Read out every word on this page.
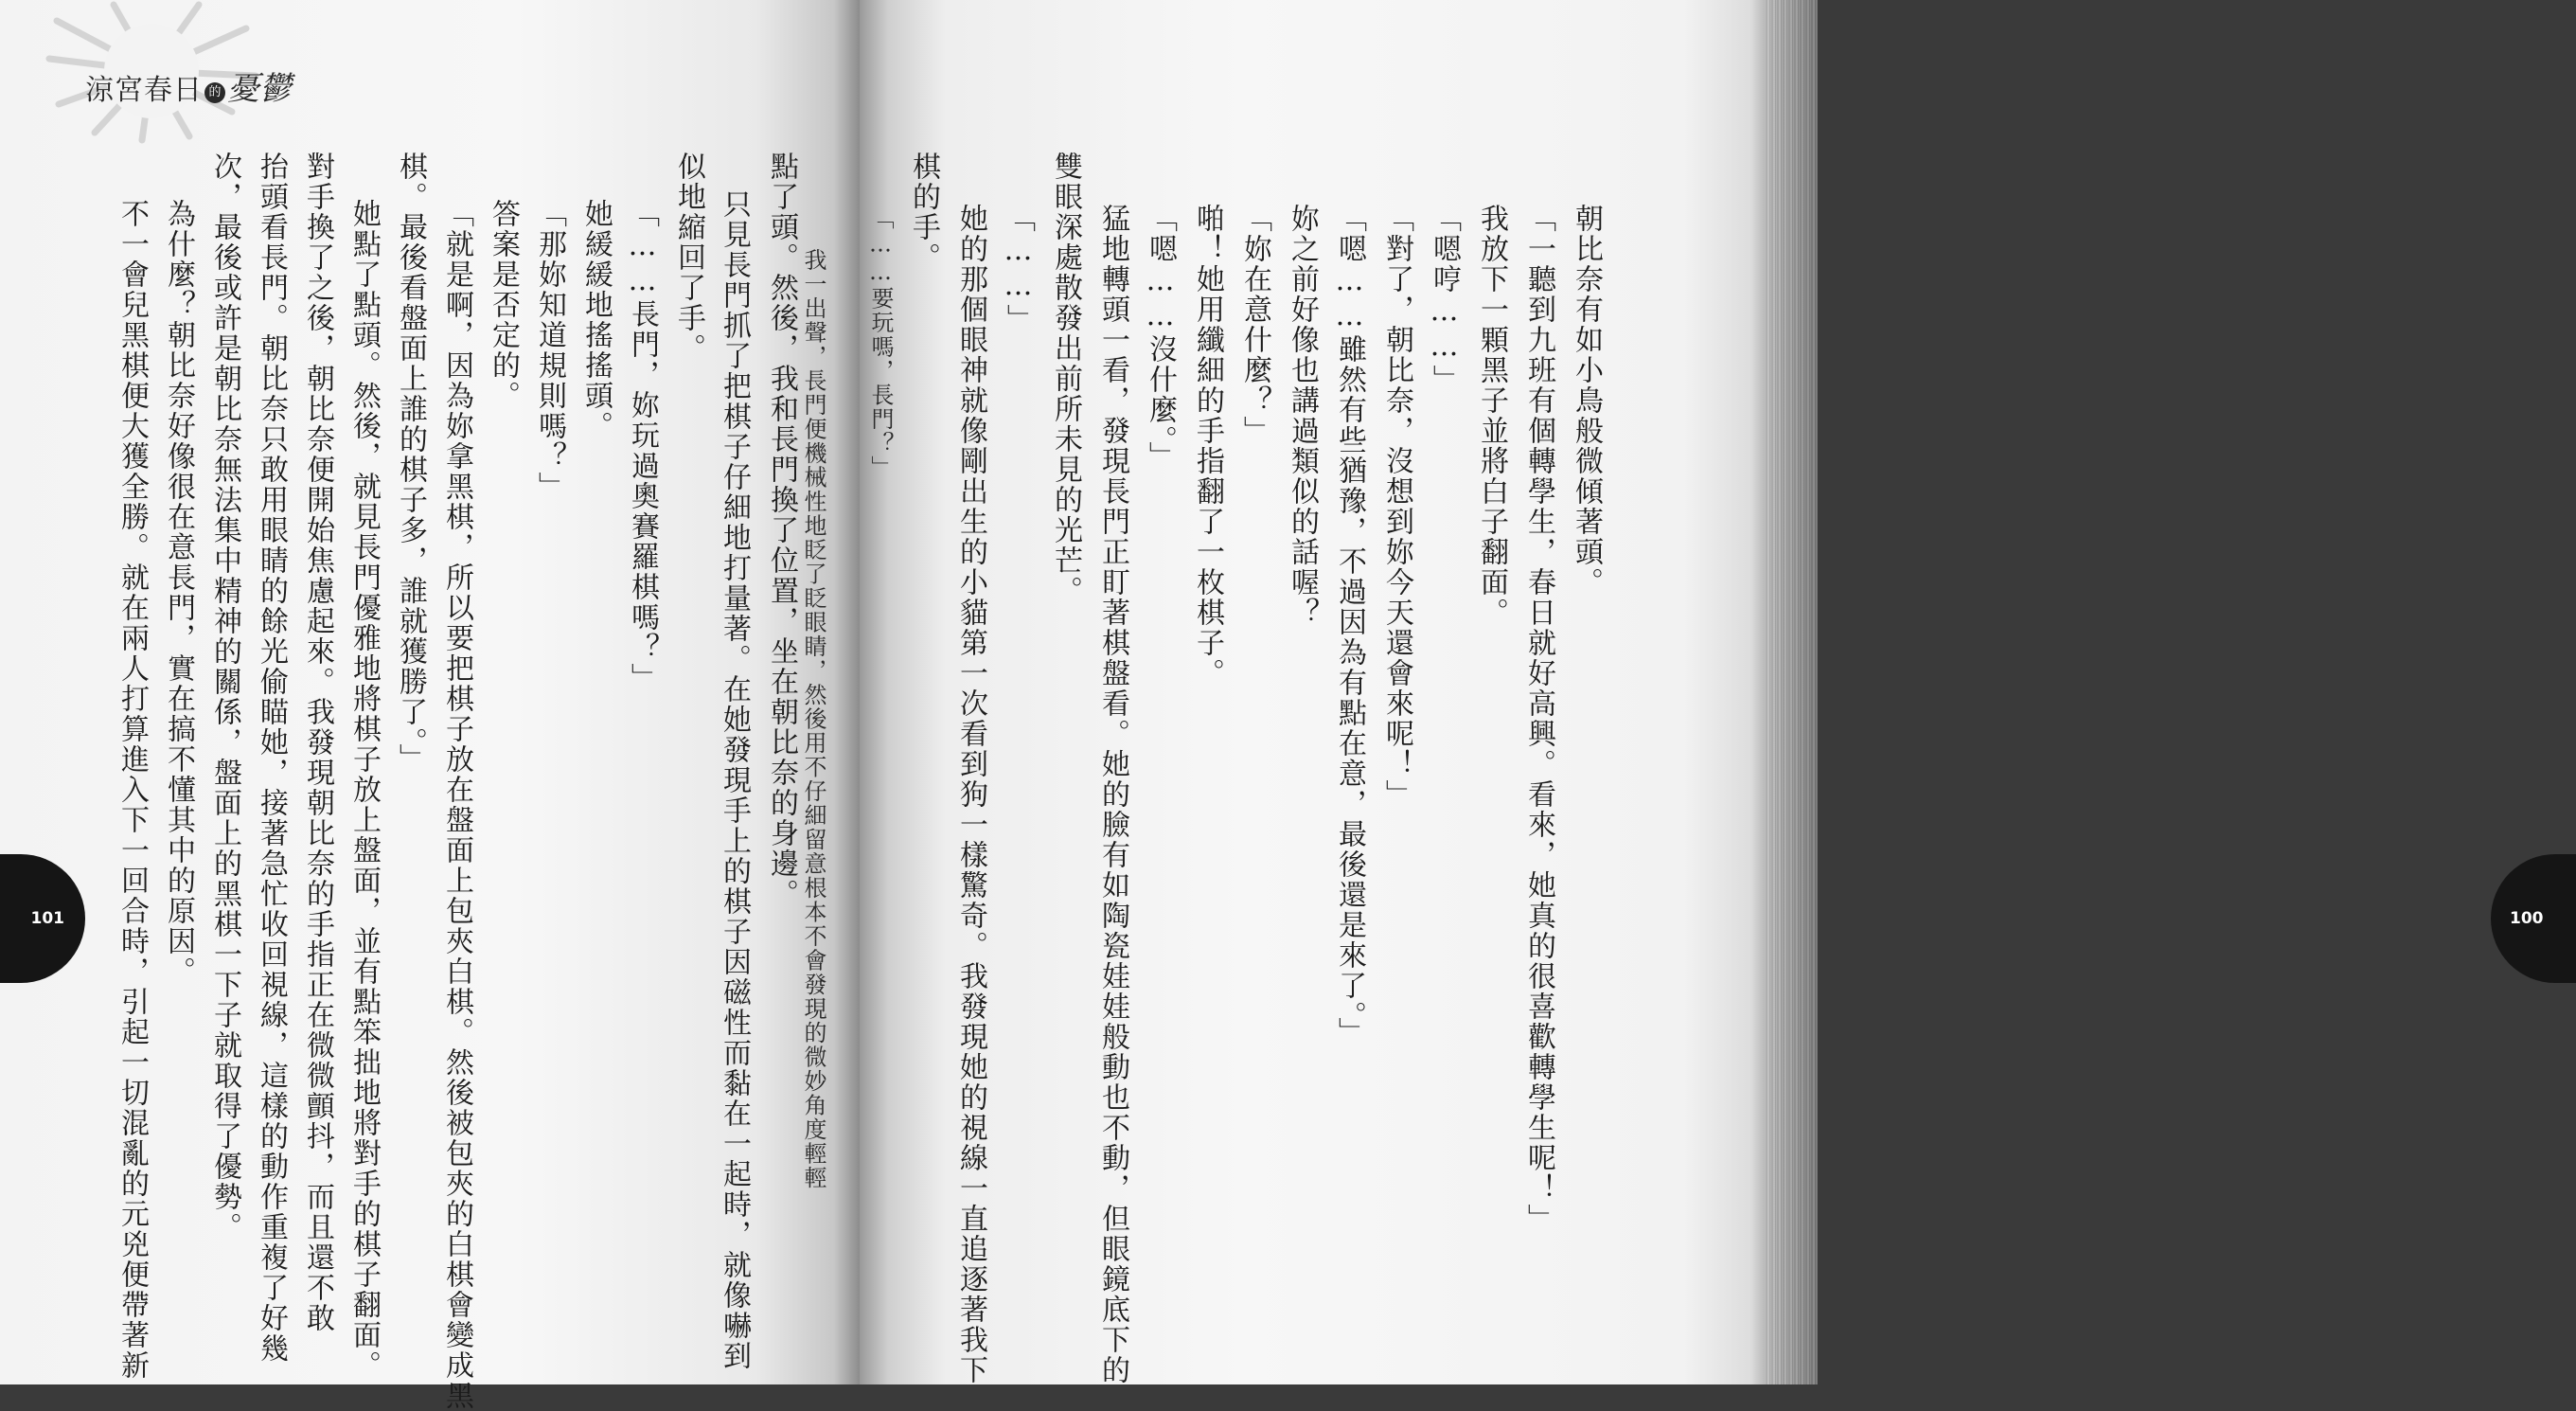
涼宮春日 的 憂鬱
我一出聲，長門便機械性地眨了眨眼睛，然後用不仔細留意根本不會發現的微妙角度輕輕
點了頭。然後，我和長門換了位置，坐在朝比奈的身邊。
只見長門抓了把棋子仔細地打量著。在她發現手上的棋子因磁性而黏在一起時，就像嚇到
似地縮回了手。
「……長門，妳玩過奧賽羅棋嗎？」
她緩緩地搖搖頭。
「那妳知道規則嗎？」
答案是否定的。
「就是啊，因為妳拿黑棋，所以要把棋子放在盤面上包夾白棋。然後被包夾的白棋會變成黑
棋。最後看盤面上誰的棋子多，誰就獲勝了。」
她點了點頭。然後，就見長門優雅地將棋子放上盤面，並有點笨拙地將對手的棋子翻面。
對手換了之後，朝比奈便開始焦慮起來。我發現朝比奈的手指正在微微顫抖，而且還不敢
抬頭看長門。朝比奈只敢用眼睛的餘光偷瞄她，接著急忙收回視線，這樣的動作重複了好幾
次，最後或許是朝比奈無法集中精神的關係，盤面上的黑棋一下子就取得了優勢。
為什麼？朝比奈好像很在意長門，實在搞不懂其中的原因。
不一會兒黑棋便大獲全勝。就在兩人打算進入下一回合時，引起一切混亂的元兇便帶著新
101
朝比奈有如小鳥般微傾著頭。
「一聽到九班有個轉學生，春日就好高興。看來，她真的很喜歡轉學生呢！」
我放下一顆黑子並將白子翻面。
「嗯哼……」
「對了，朝比奈，沒想到妳今天還會來呢！」
「嗯……雖然有些猶豫，不過因為有點在意，最後還是來了。」
妳之前好像也講過類似的話喔？
「妳在意什麼？」
啪！她用纖細的手指翻了一枚棋子。
「嗯……沒什麼。」
猛地轉頭一看，發現長門正盯著棋盤看。她的臉有如陶瓷娃娃般動也不動，但眼鏡底下的
雙眼深處散發出前所未見的光芒。
「……」
她的那個眼神就像剛出生的小貓第一次看到狗一樣驚奇。我發現她的視線一直追逐著我下
棋的手。
「……要玩嗎，長門？」
100
